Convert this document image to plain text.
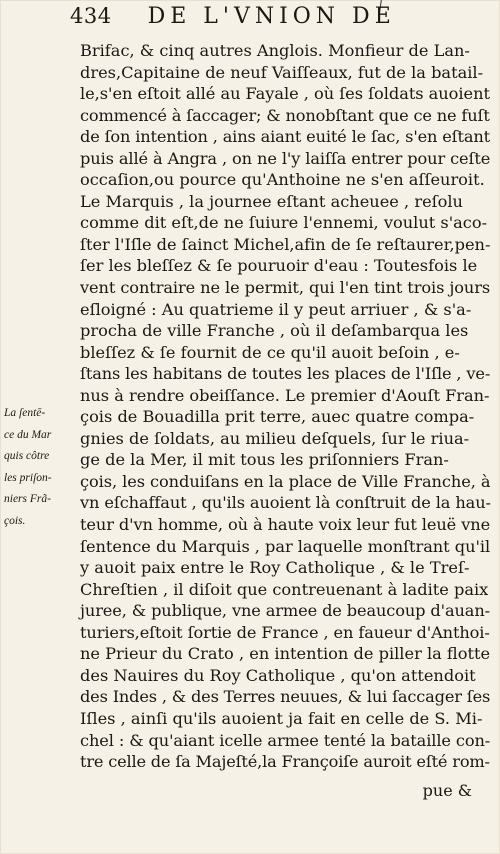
434 DE L'VNION DE
Brifac, & cinq autres Anglois. Monfieur de Lan-
dres,Capitaine de neuf Vaiſſeaux, fut de la batail-
le,s'en eſtoit allé au Fayale , où ſes ſoldats auoient
commencé à ſaccager; & nonobſtant que ce ne fuſt
de ſon intention , ains aiant euité le ſac, s'en eſtant
puis allé à Angra , on ne l'y laiſſa entrer pour ceſte
occaſion,ou pource qu'Anthoine ne s'en aſſeuroit.
Le Marquis , la journee eſtant acheuee , reſolu
comme dit eſt,de ne ſuiure l'ennemi, voulut s'aco-
ſter l'Iſle de ſainct Michel,afin de ſe reſtaurer,pen-
ſer les bleſſez & ſe pouruoir d'eau : Toutesfois le
vent contraire ne le permit, qui l'en tint trois jours
eſloigné : Au quatrieme il y peut arriuer , & s'a-
procha de ville Franche , où il deſambarqua les
bleſſez & ſe fournit de ce qu'il auoit beſoin , e-
ſtans les habitans de toutes les places de l'Iſle , ve-
nus à rendre obeiſſance. Le premier d'Aouſt Fran-
çois de Bouadilla prit terre, auec quatre compa-
gnies de ſoldats, au milieu deſquels, ſur le riua-
ge de la Mer, il mit tous les priſonniers Fran-
çois, les conduiſans en la place de Ville Franche, à
vn eſchaffaut , qu'ils auoient là conſtruit de la hau-
teur d'vn homme, où à haute voix leur fut leuë vne
ſentence du Marquis , par laquelle monſtrant qu'il
y auoit paix entre le Roy Catholique , & le Treſ-
Chreſtien , il diſoit que contreuenant à ladite paix
juree, & publique, vne armee de beaucoup d'auan-
turiers,eſtoit ſortie de France , en faueur d'Anthoi-
ne Prieur du Crato , en intention de piller la flotte
des Nauires du Roy Catholique , qu'on attendoit
des Indes , & des Terres neuues, & lui ſaccager ſes
Iſles , ainſi qu'ils auoient ja fait en celle de S. Mi-
chel : & qu'aiant icelle armee tenté la bataille con-
tre celle de ſa Majeſté,la Françoiſe auroit eſté rom-
La ſentē-
ce du Mar
quis côtre
les priſon-
niers Frã-
çois.
pue &
